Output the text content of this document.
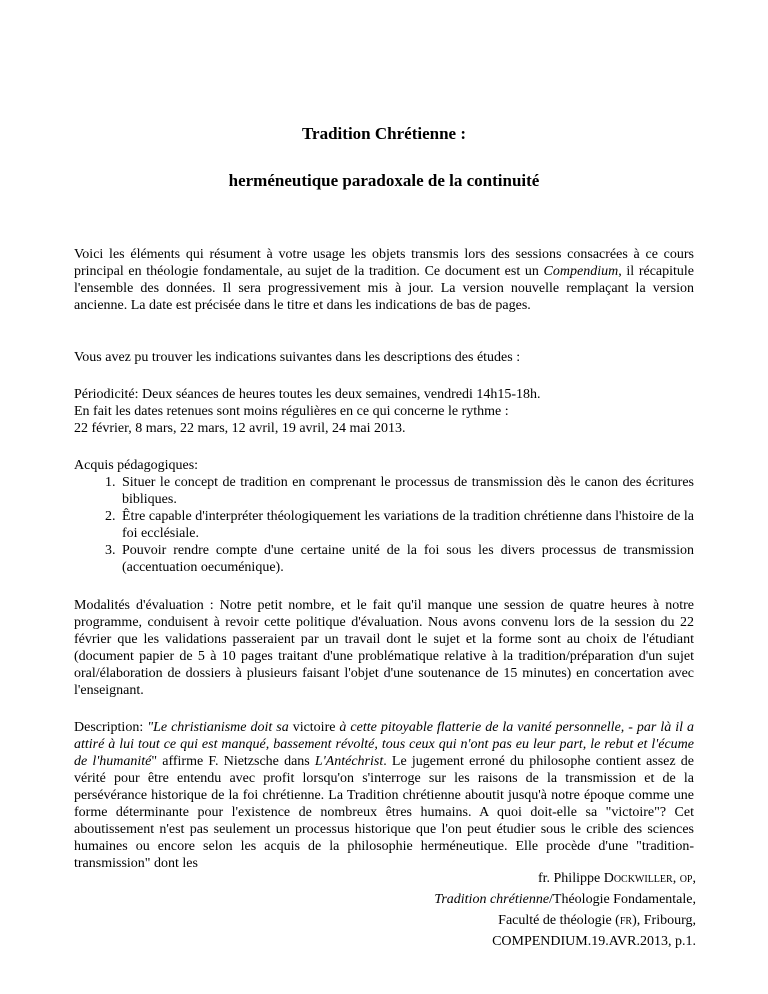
Tradition Chrétienne :
herméneutique paradoxale de la continuité
Voici les éléments qui résument à votre usage les objets transmis lors des sessions consacrées à ce cours principal en théologie fondamentale, au sujet de la tradition. Ce document est un Compendium, il récapitule l'ensemble des données. Il sera progressivement mis à jour. La version nouvelle remplaçant la version ancienne. La date est précisée dans le titre et dans les indications de bas de pages.
Vous avez pu trouver les indications suivantes dans les descriptions des études :
Périodicité: Deux séances de heures toutes les deux semaines, vendredi 14h15-18h.
En fait les dates retenues sont moins régulières en ce qui concerne le rythme :
22 février, 8 mars, 22 mars, 12 avril, 19 avril, 24 mai 2013.
Acquis pédagogiques:
1. Situer le concept de tradition en comprenant le processus de transmission dès le canon des écritures bibliques.
2. Être capable d'interpréter théologiquement les variations de la tradition chrétienne dans l'histoire de la foi ecclésiale.
3. Pouvoir rendre compte d'une certaine unité de la foi sous les divers processus de transmission (accentuation oecuménique).
Modalités d'évaluation : Notre petit nombre, et le fait qu'il manque une session de quatre heures à notre programme, conduisent à revoir cette politique d'évaluation. Nous avons convenu lors de la session du 22 février que les validations passeraient par un travail dont le sujet et la forme sont au choix de l'étudiant (document papier de 5 à 10 pages traitant d'une problématique relative à la tradition/préparation d'un sujet oral/élaboration de dossiers à plusieurs faisant l'objet d'une soutenance de 15 minutes) en concertation avec l'enseignant.
Description: "Le christianisme doit sa victoire à cette pitoyable flatterie de la vanité personnelle, - par là il a attiré à lui tout ce qui est manqué, bassement révolté, tous ceux qui n'ont pas eu leur part, le rebut et l'écume de l'humanité" affirme F. Nietzsche dans L'Antéchrist. Le jugement erroné du philosophe contient assez de vérité pour être entendu avec profit lorsqu'on s'interroge sur les raisons de la transmission et de la persévérance historique de la foi chrétienne. La Tradition chrétienne aboutit jusqu'à notre époque comme une forme déterminante pour l'existence de nombreux êtres humains. A quoi doit-elle sa "victoire"? Cet aboutissement n'est pas seulement un processus historique que l'on peut étudier sous le crible des sciences humaines ou encore selon les acquis de la philosophie herméneutique. Elle procède d'une "tradition-transmission" dont les
fr. Philippe Dockwiller, op,
Tradition chrétienne/Théologie Fondamentale,
Faculté de théologie (fr), Fribourg,
COMPENDIUM.19.AVR.2013, p.1.
